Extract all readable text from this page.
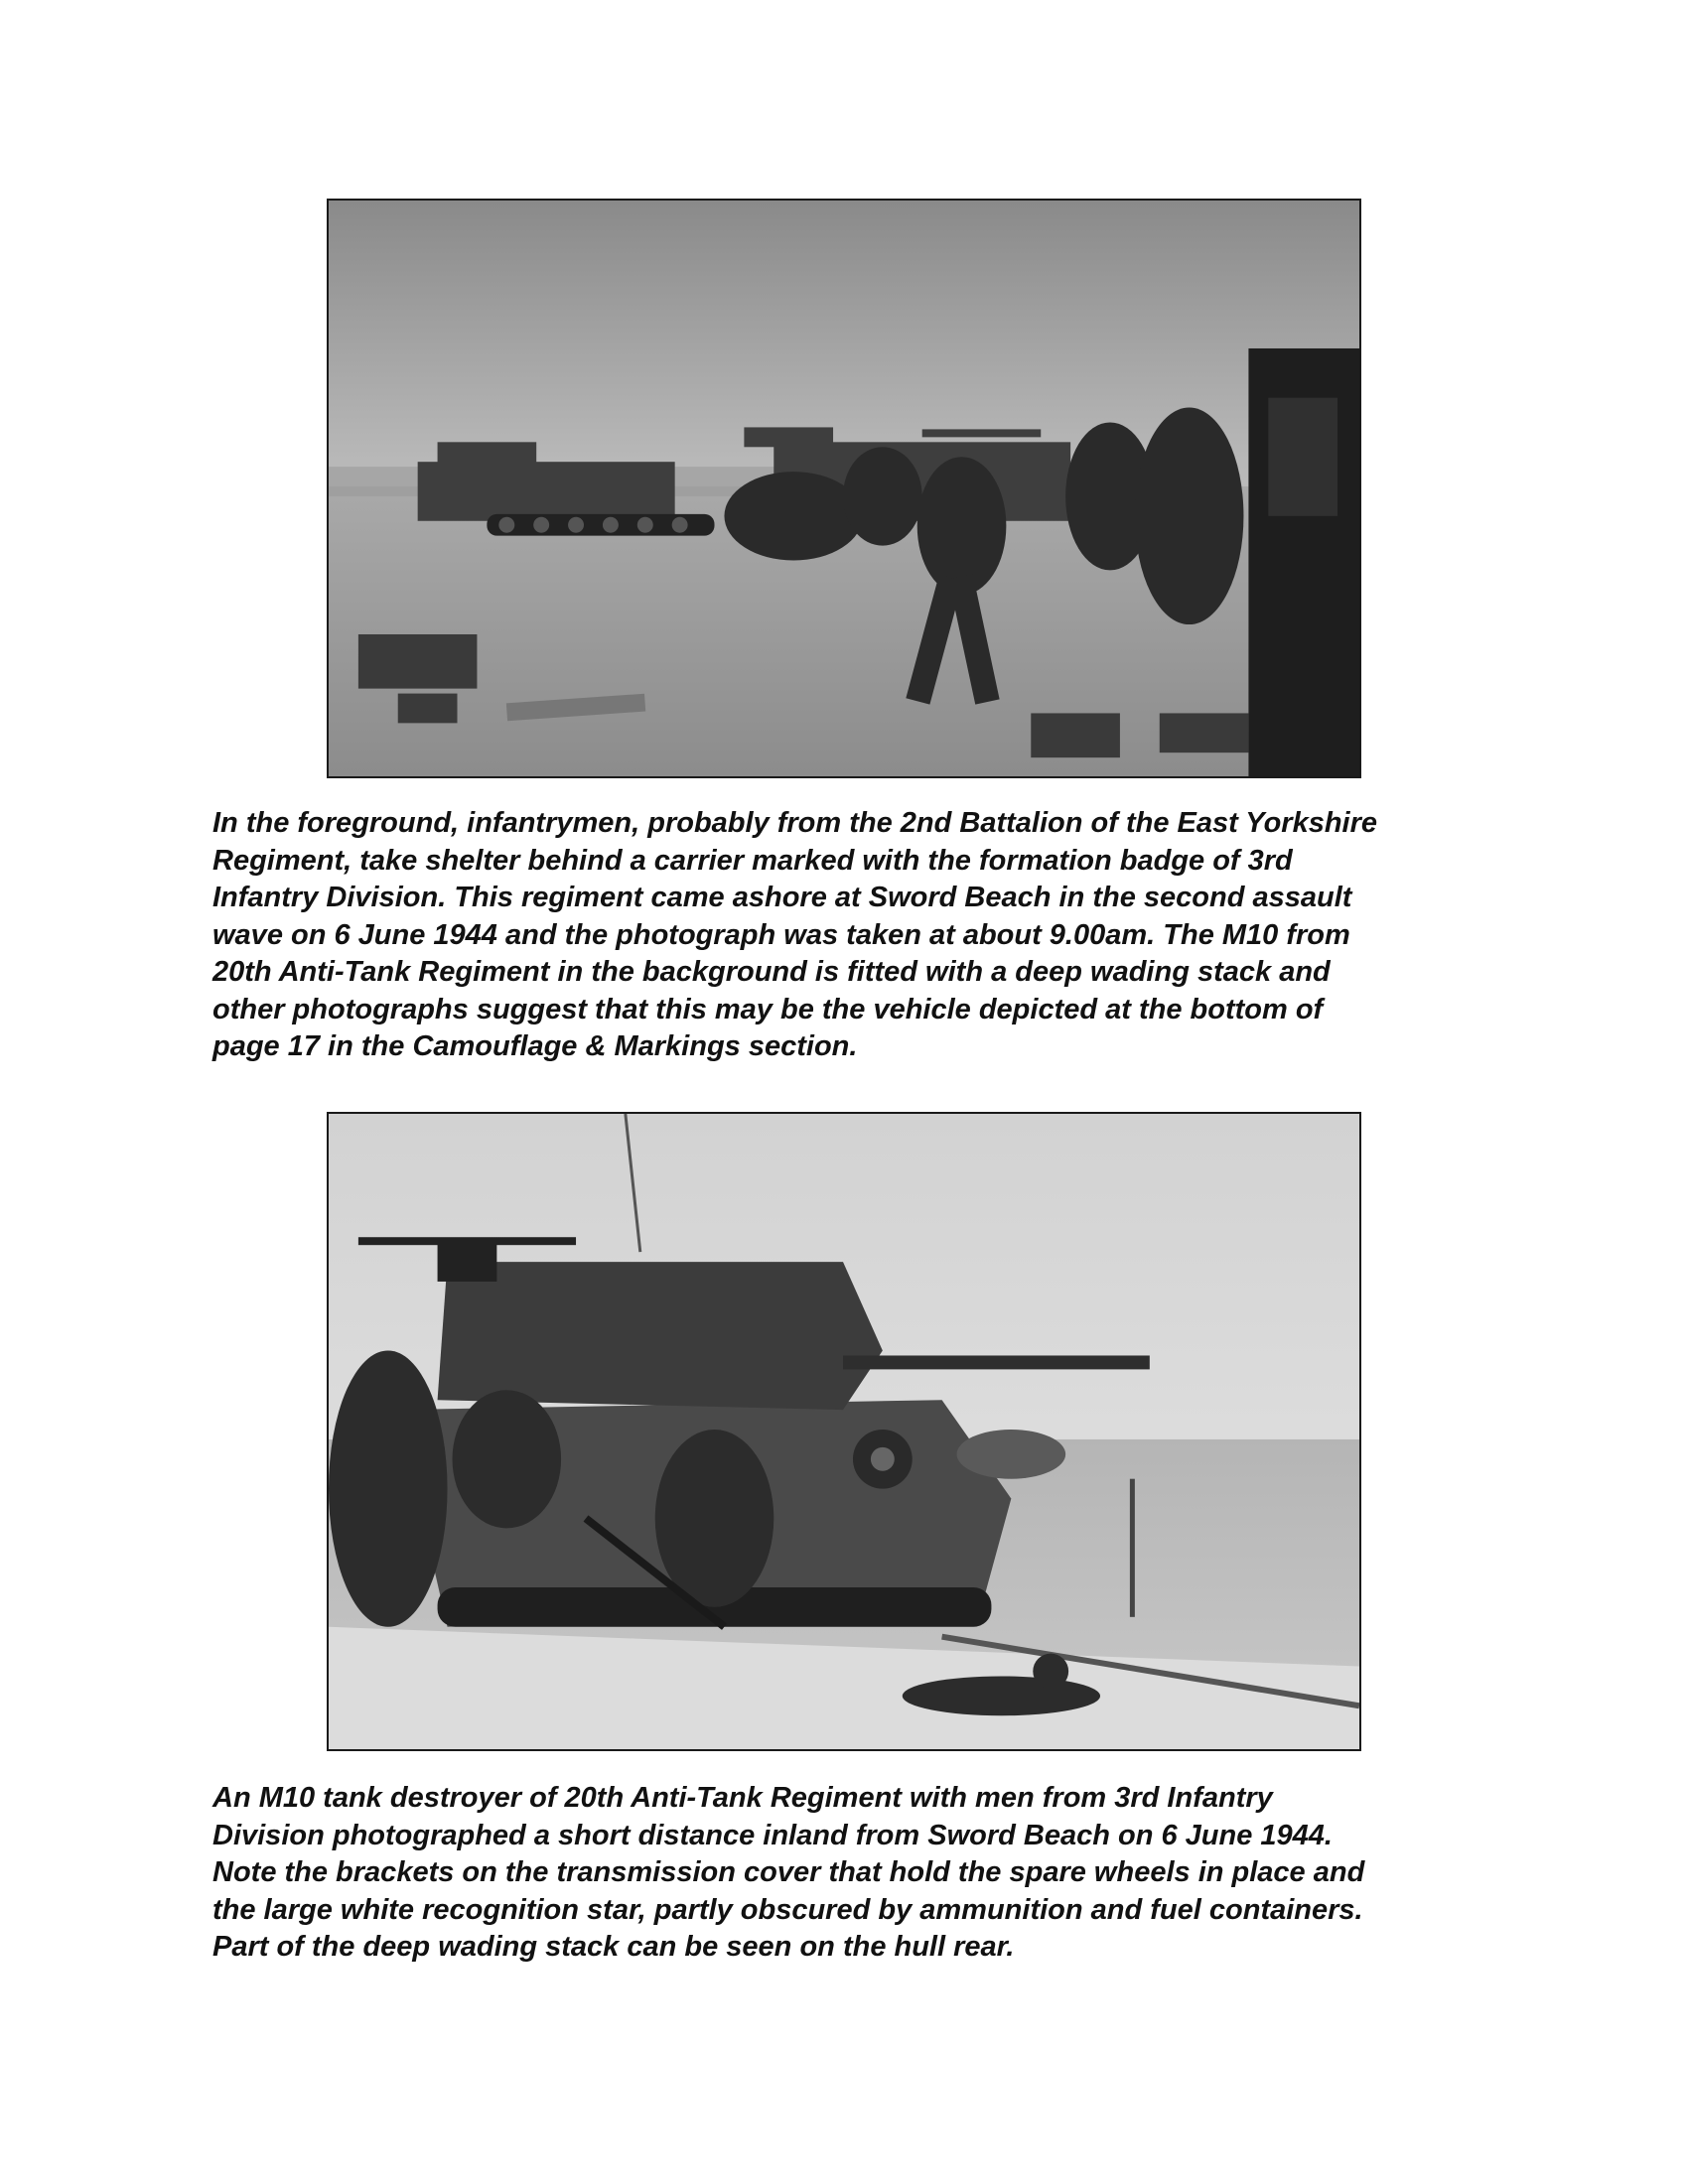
In the foreground, infantrymen, probably from the 2nd Battalion of the East Yorkshire
Regiment, take shelter behind a carrier marked with the formation badge of 3rd
Infantry Division. This regiment came ashore at Sword Beach in the second assault
wave on 6 June 1944 and the photograph was taken at about 9.00am. The M10 from
20th Anti-Tank Regiment in the background is fitted with a deep wading stack and
other photographs suggest that this may be the vehicle depicted at the bottom of
page 17 in the Camouflage & Markings section.

An M10 tank destroyer of 20th Anti-Tank Regiment with men from 3rd Infantry
Division photographed a short distance inland from Sword Beach on 6 June 1944.
Note the brackets on the transmission cover that hold the spare wheels in place and
the large white recognition star, partly obscured by ammunition and fuel containers.
Part of the deep wading stack can be seen on the hull rear.
